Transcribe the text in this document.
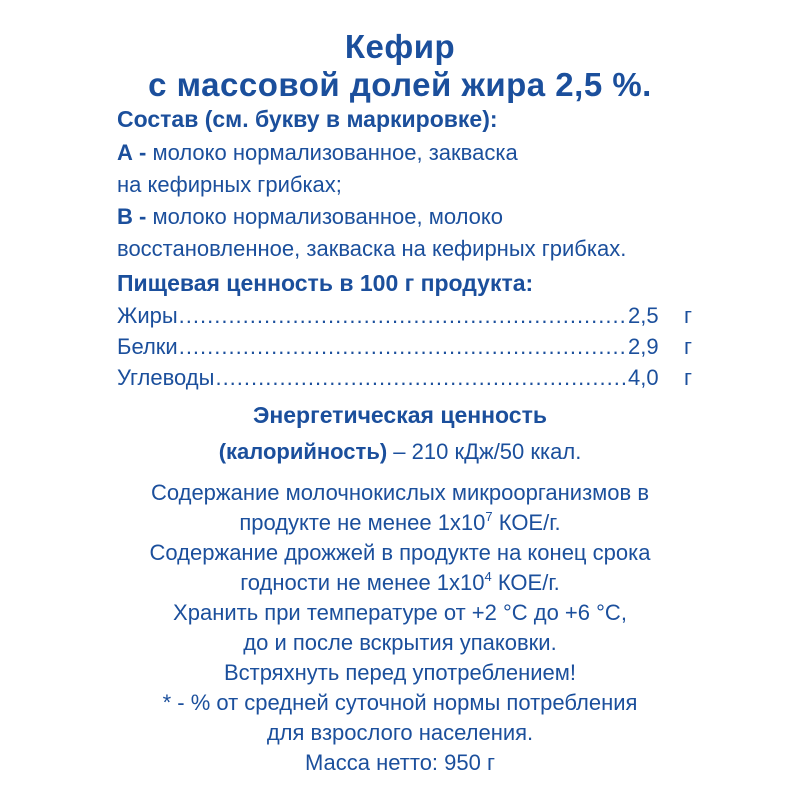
Кефир
с массовой долей жира 2,5 %.
Состав (см. букву в маркировке):
А - молоко нормализованное, закваска
на кефирных грибках;
В - молоко нормализованное, молоко
восстановленное, закваска на кефирных грибках.
Пищевая ценность в 100 г продукта:
Жиры .....	2,5	г
Белки .....	2,9	г
Углеводы .....	4,0	г
Энергетическая ценность
(калорийность) – 210 кДж/50 ккал.
Содержание молочнокислых микроорганизмов в
продукте не менее $1х10^7$ КОЕ/г.
Содержание дрожжей в продукте на конец срока
годности не менее $1х10^4$ КОЕ/г.
Хранить при температуре от +2 °С до +6 °С,
до и после вскрытия упаковки.
Встряхнуть перед употреблением!
* - % от средней суточной нормы потребления
для взрослого населения.
Масса нетто: 950 г
